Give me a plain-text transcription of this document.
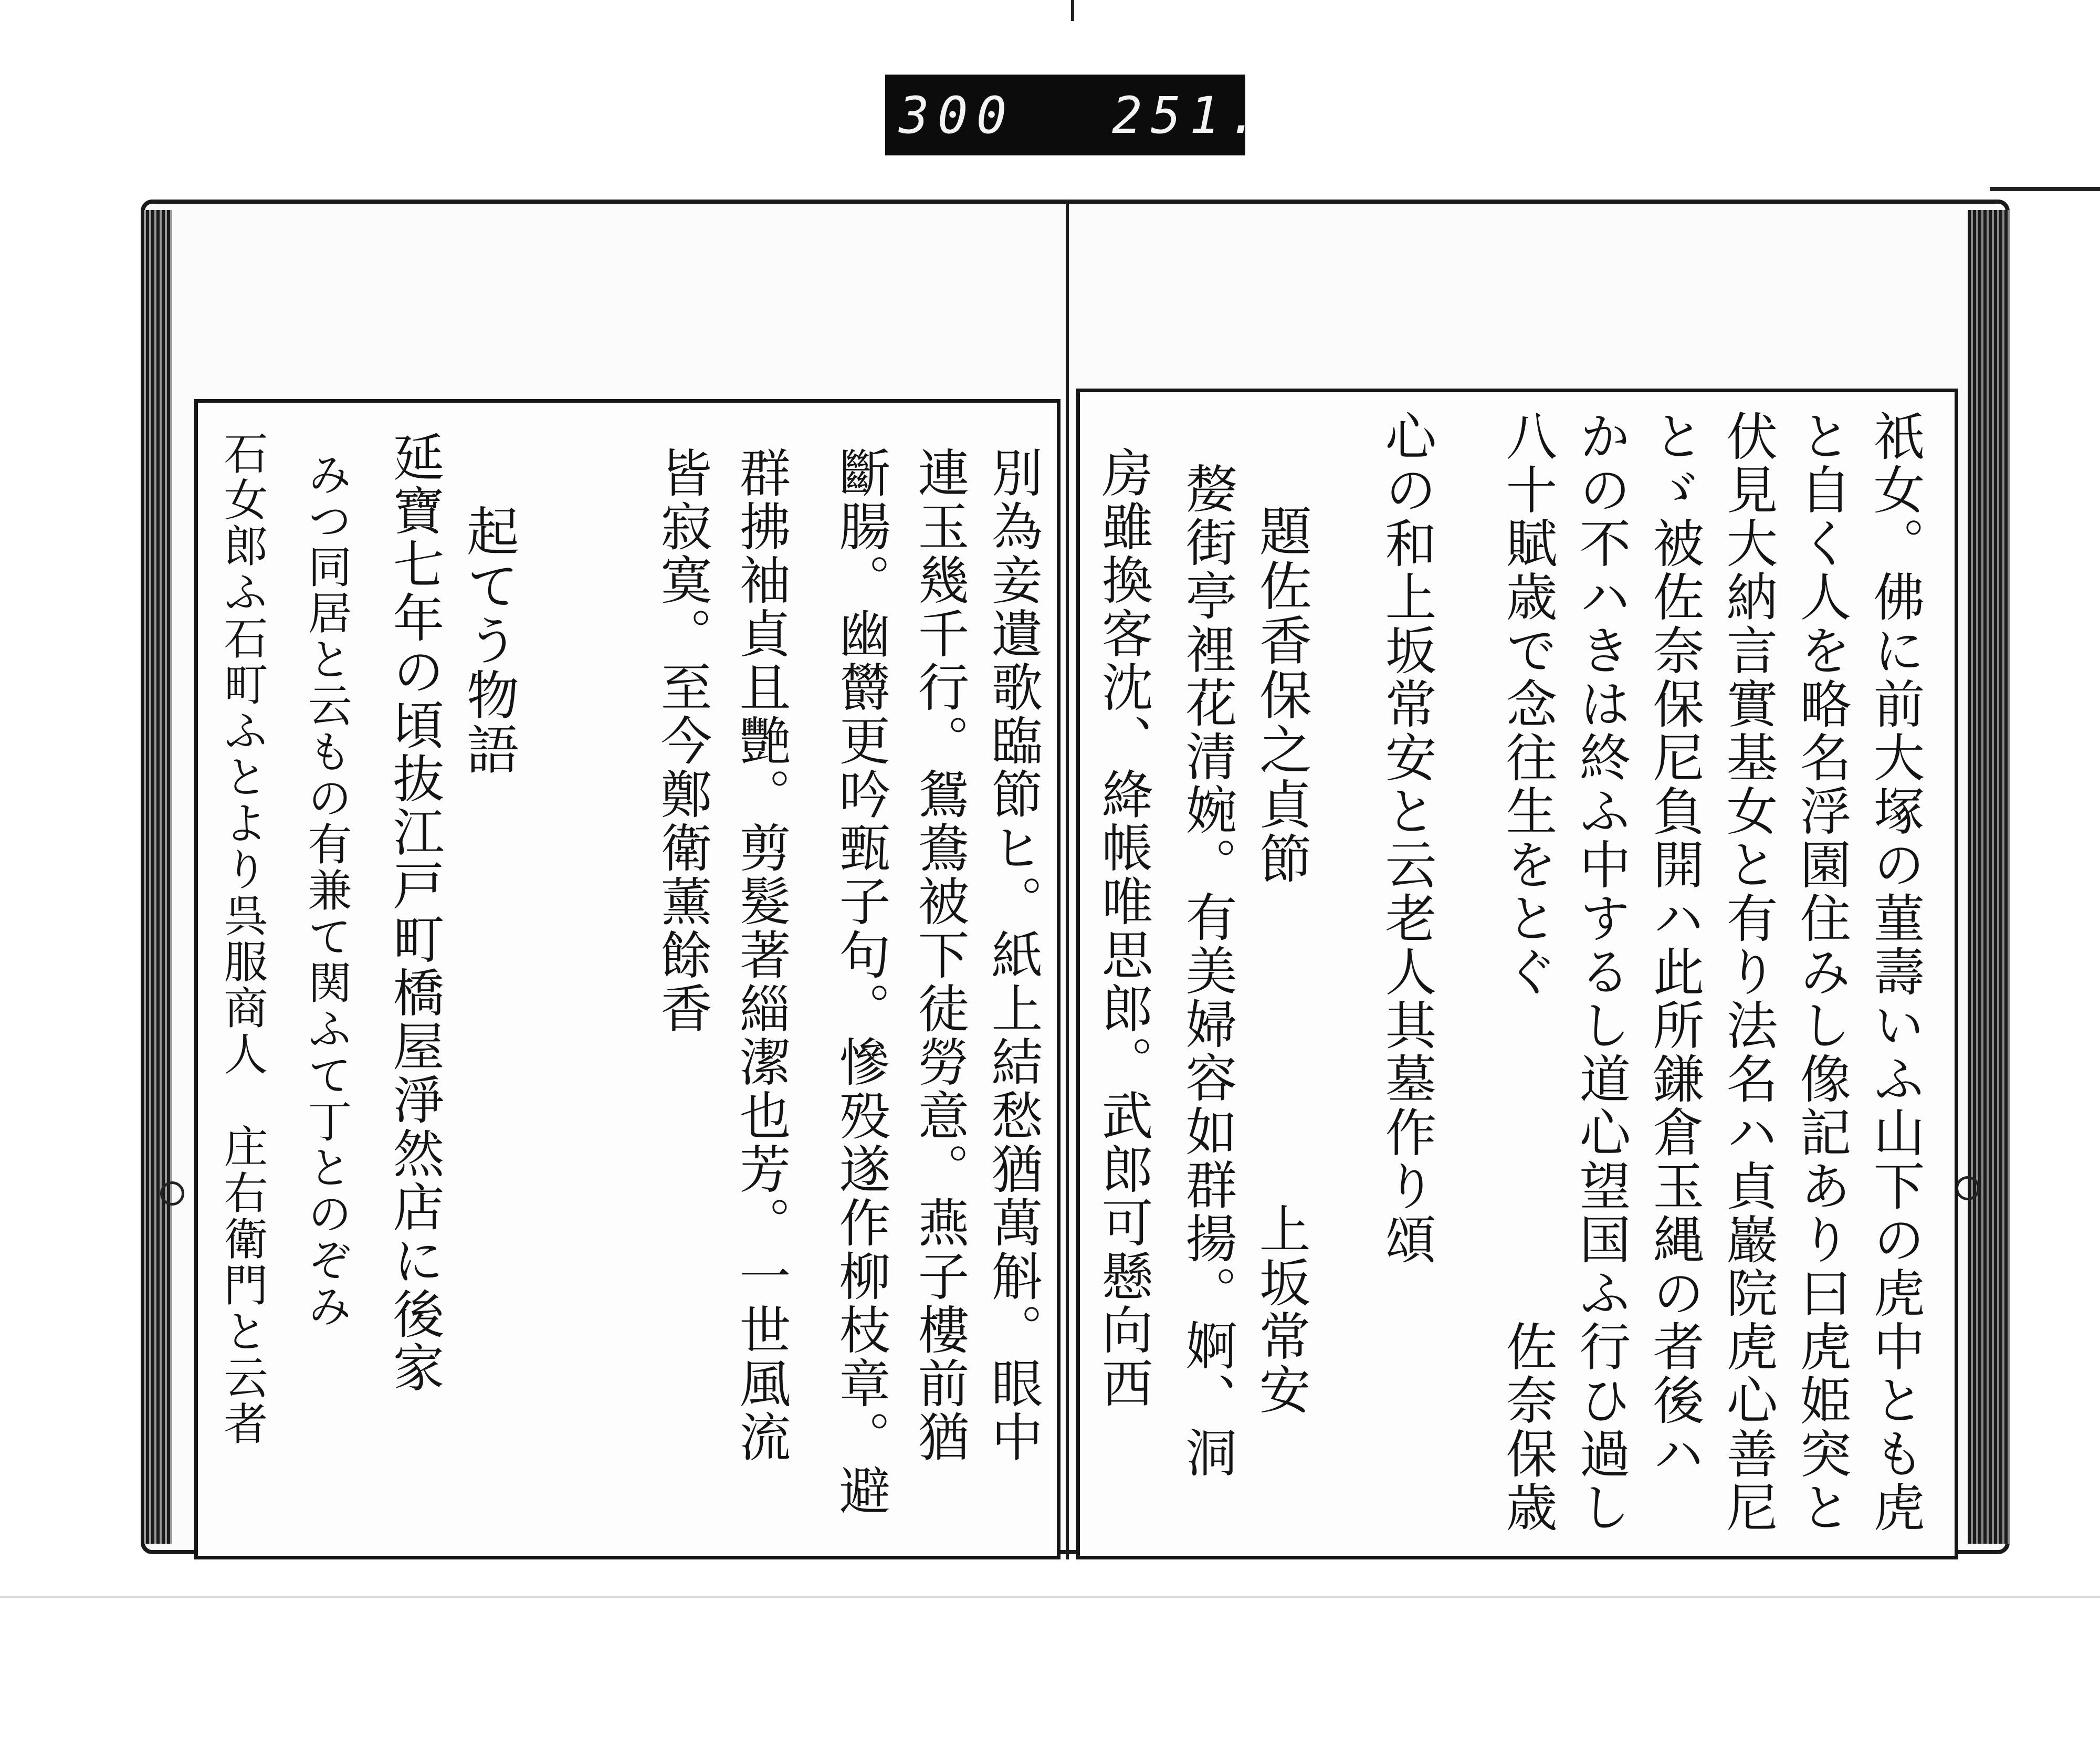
300 251.
祇女。佛に前大塚の菫壽いふ山下の虎中とも虎
と自く人を略名浮園住みし像記あり曰虎姫突と
伏見大納言實基女と有り法名ハ貞巖院虎心善尼
とゞ被佐奈保尼負開ハ此所鎌倉玉縄の者後ハ
かの不ハきは終ふ中するし道心望国ふ行ひ過し
八十賦歳で念往生をとぐ　　　　　　佐奈保歳
心の和上坂常安と云老人其墓作り頌
題佐香保之貞節
上坂常安
嫠街亭裡花清婉。有美婦容如群揚。婀、洞
房雖換客沈、絳帳唯思郎。武郎可懸向西
別為妾遺歌臨節ヒ。紙上結愁猶萬斛。眼中
連玉幾千行。鴛鴦被下徒勞意。燕子樓前猶
斷腸。幽欝更吟甄子句。慘殁遂作柳枝章。避
群拂袖貞且艷。剪髮著緇潔也芳。一世風流
皆寂寞。至今鄭衛薰餘香
起てう物語
延寶七年の頃抜江戸町橋屋淨然店に後家
みつ同居と云もの有兼て関ふて丁とのぞみ
石女郎ふ石町ふとより呉服商人　庄右衛門と云者
